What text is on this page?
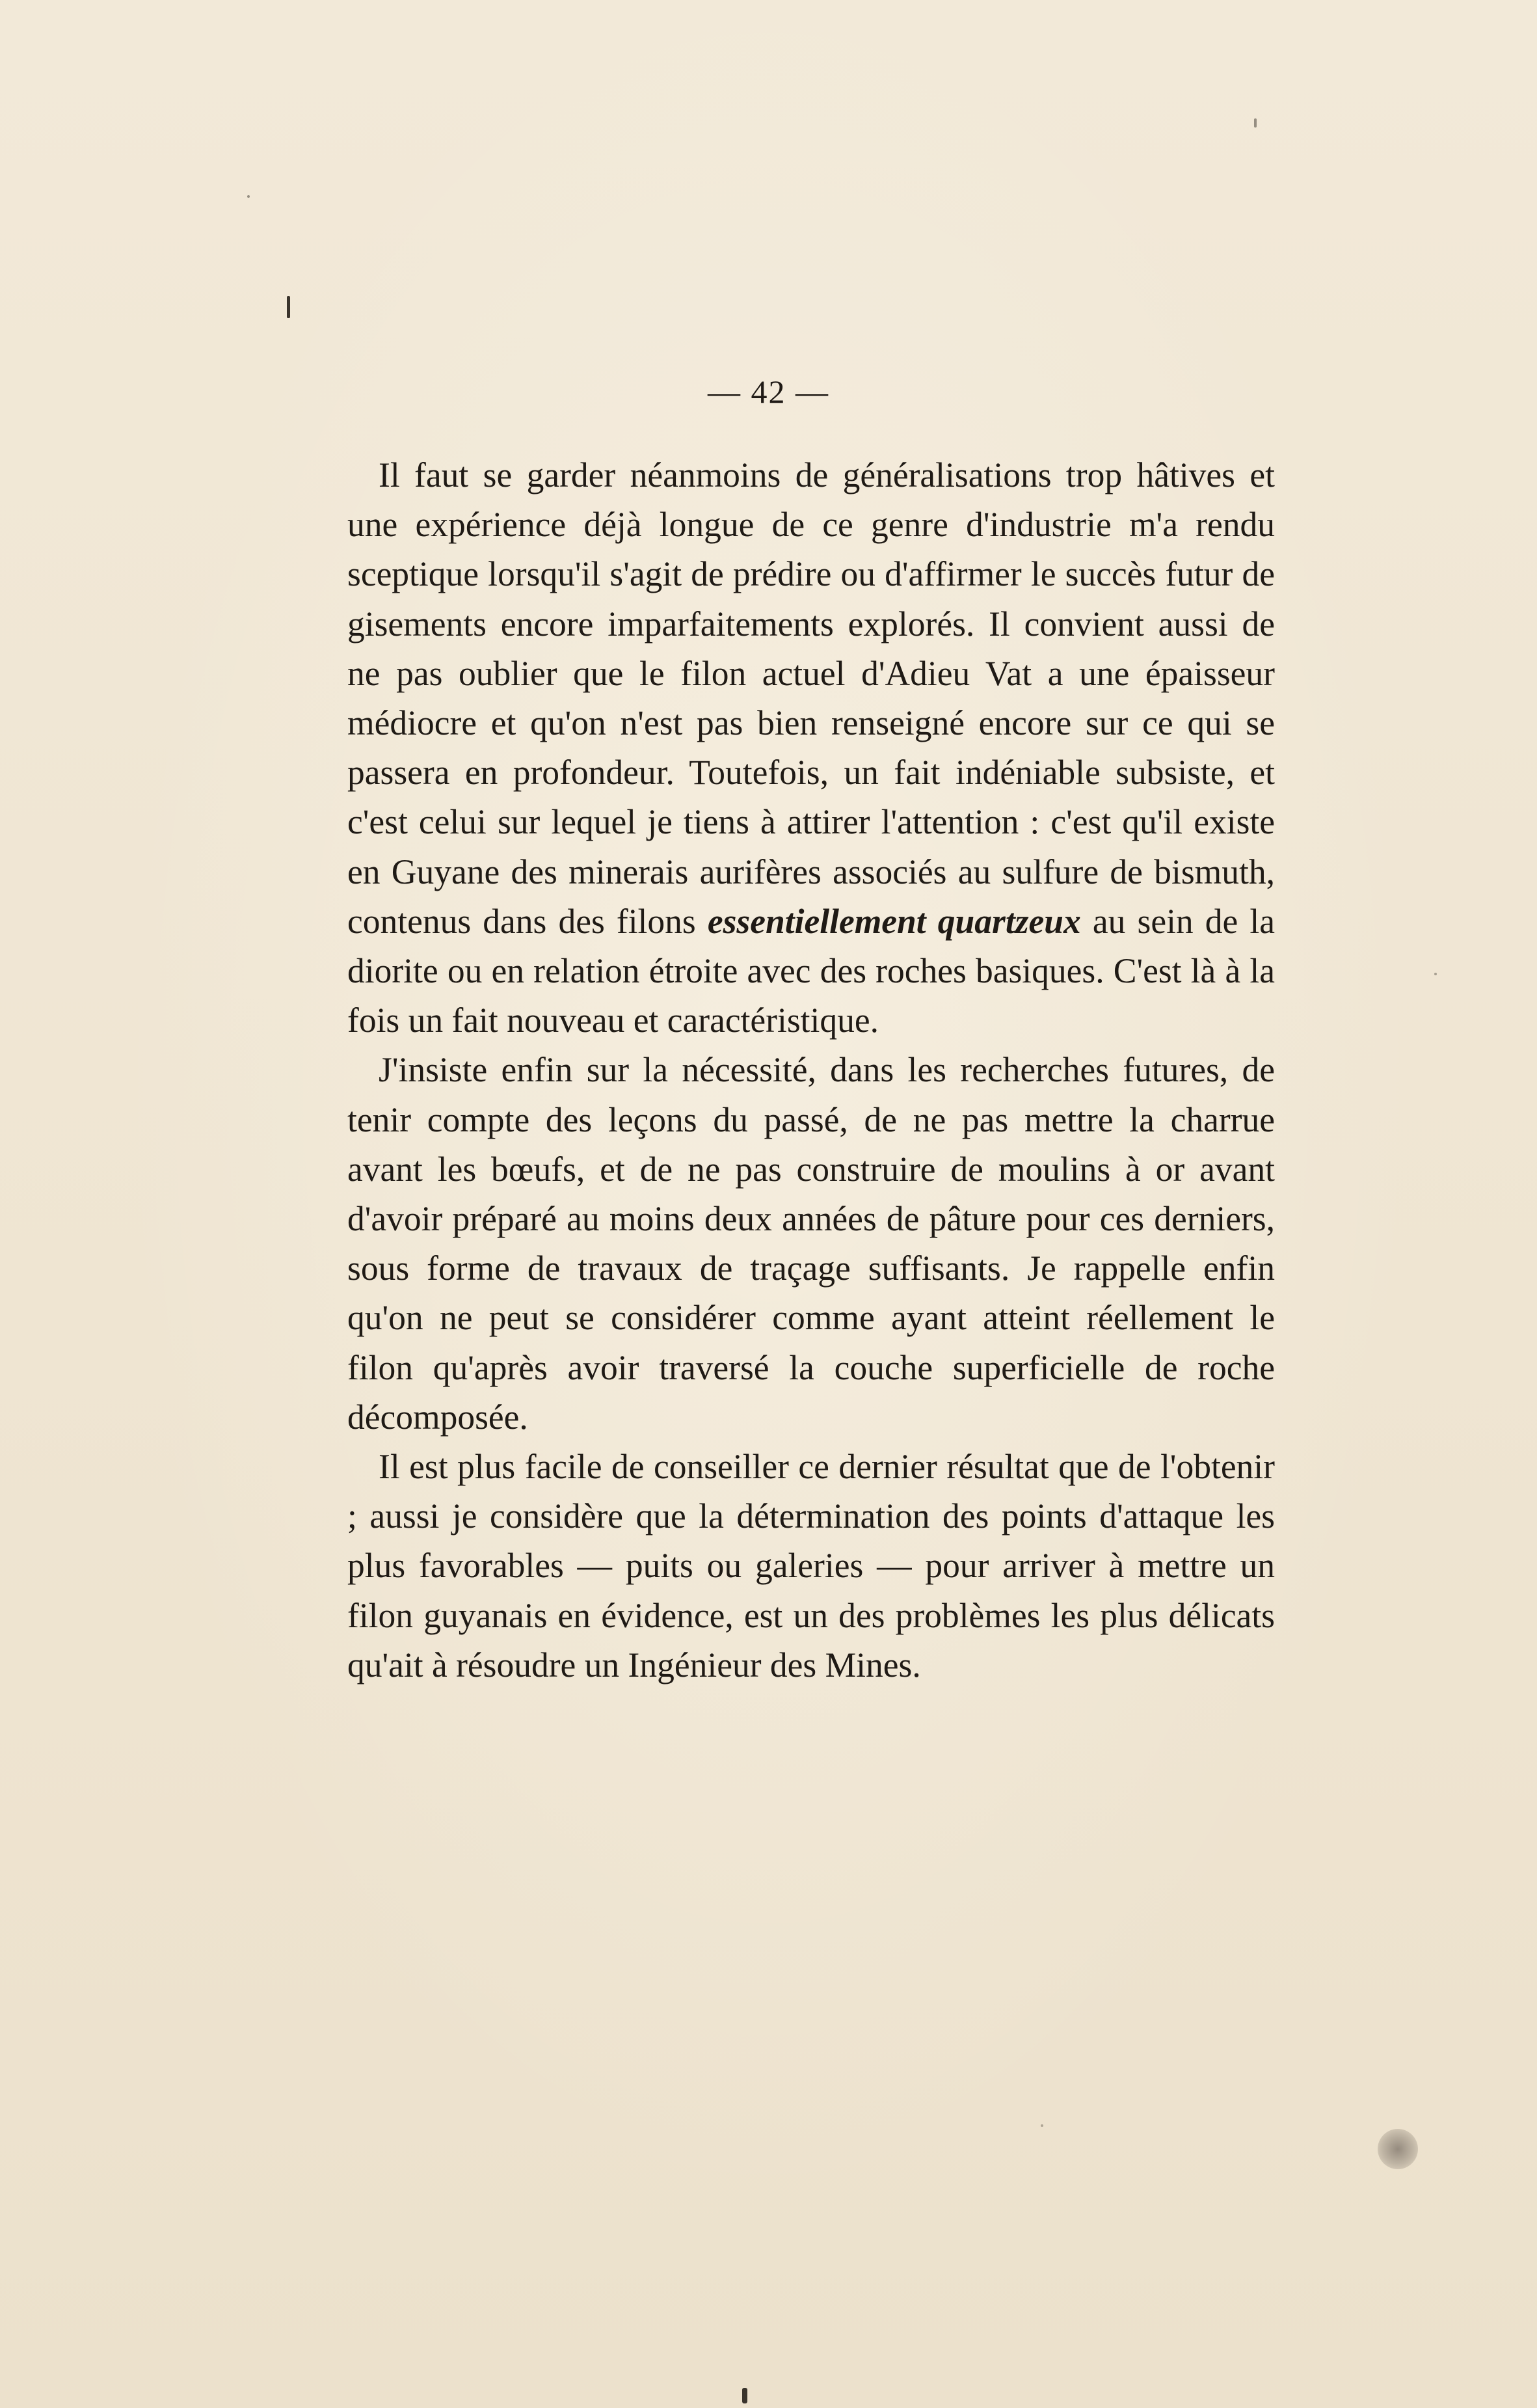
— 42 —

Il faut se garder néanmoins de généralisations trop hâtives et une expérience déjà longue de ce genre d'industrie m'a rendu sceptique lorsqu'il s'agit de prédire ou d'affirmer le succès futur de gisements encore imparfaitements explorés. Il convient aussi de ne pas oublier que le filon actuel d'Adieu Vat a une épaisseur médiocre et qu'on n'est pas bien renseigné encore sur ce qui se passera en profondeur. Toutefois, un fait indéniable subsiste, et c'est celui sur lequel je tiens à attirer l'attention : c'est qu'il existe en Guyane des minerais aurifères associés au sulfure de bismuth, contenus dans des filons essentiellement quartzeux au sein de la diorite ou en relation étroite avec des roches basiques. C'est là à la fois un fait nouveau et caractéristique.

J'insiste enfin sur la nécessité, dans les recherches futures, de tenir compte des leçons du passé, de ne pas mettre la charrue avant les bœufs, et de ne pas construire de moulins à or avant d'avoir préparé au moins deux années de pâture pour ces derniers, sous forme de travaux de traçage suffisants. Je rappelle enfin qu'on ne peut se considérer comme ayant atteint réellement le filon qu'après avoir traversé la couche superficielle de roche décomposée.

Il est plus facile de conseiller ce dernier résultat que de l'obtenir ; aussi je considère que la détermination des points d'attaque les plus favorables — puits ou galeries — pour arriver à mettre un filon guyanais en évidence, est un des problèmes les plus délicats qu'ait à résoudre un Ingénieur des Mines.
